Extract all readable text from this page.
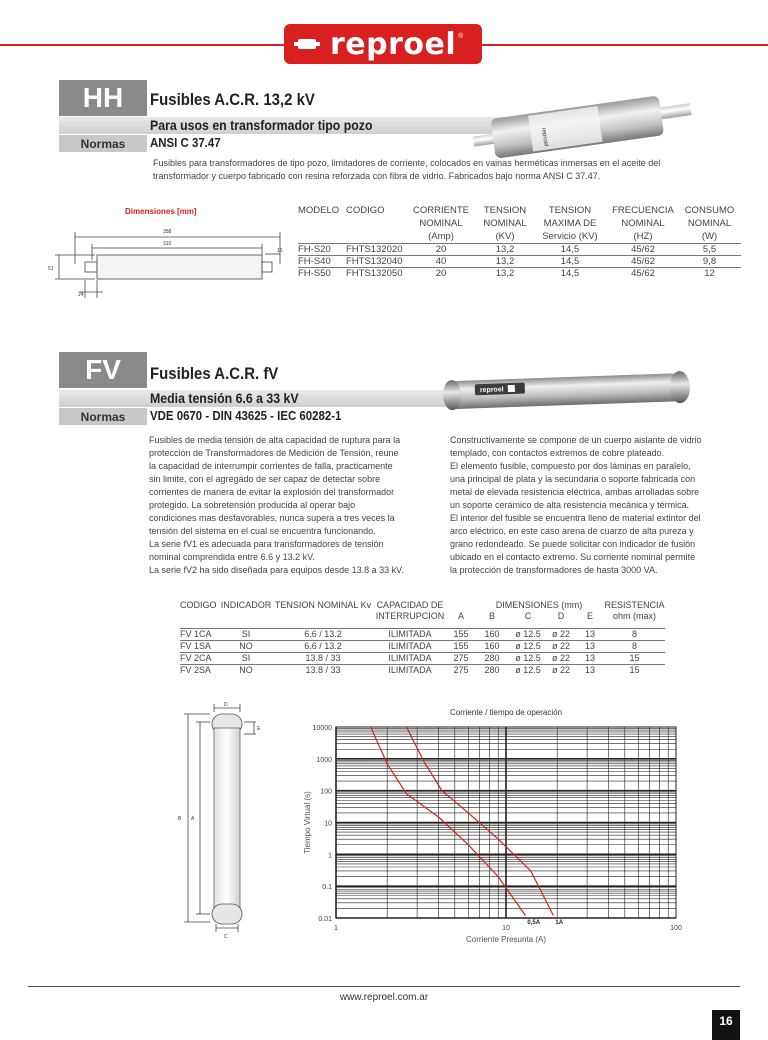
reproel ®
HH	Fusibles A.C.R. 13,2 kV
Para usos en transformador tipo pozo
Normas	ANSI C 37.47	reproel
Fusibles para transformadores de tipo pozo, limitadores de corriente, colocados en vainas herméticas inmersas en el aceite del transformador y cuerpo fabricado con resina reforzada con fibra de vidrio. Fabricados bajo norma ANSI C 37.47.
Dimensiones [mm]
358
310
15
51
24
MODELO	CODIGO	CORRIENTE	TENSION	TENSION	FRECUENCIA	CONSUMO
		NOMINAL	NOMINAL	MAXIMA DE	NOMINAL	NOMINAL
		(Amp)	(KV)	Servicio (KV)	(HZ)	(W)
FH-S20	FHTS132020	20	13,2	14,5	45/62	5,5
FH-S40	FHTS132040	40	13,2	14,5	45/62	9,8
FH-S50	FHTS132050	20	13,2	14,5	45/62	12
FV	Fusibles A.C.R. fV
Media tensión 6.6 a 33 kV
Normas	VDE 0670 - DIN 43625 - IEC 60282-1
reproel
Fusibles de media tensión de alta capacidad de ruptura para la
protección de Transformadores de Medición de Tensión, reune
la capacidad de interrumpir corrientes de falla, practicamente
sin limite, con el agregado de ser capaz de detectar sobre
corrientes de manera de evitar la explosión del transformador
protegido. La sobretensión producida al operar bajo
condiciones mas desfavorables, nunca supera a tres veces la
tensión del sistema en el cual se encuentra funcionando.
La serie fV1 es adecuada para transformadores de tensión
nominal comprendida entre 6.6 y 13.2 kV.
La serie fV2 ha sido diseñada para equipos desde 13.8 a 33 kV.
Constructivamente se compone de un cuerpo aislante de vidrio
templado, con contactos extremos de cobre plateado.
El elemento fusible, compuesto por dos láminas en paralelo,
una principal de plata y la secundaria o soporte fabricada con
metal de elevada resistencia eléctrica, ambas arrolladas sobre
un soporte cerámico de alta resistencia mecánica y térmica.
El interior del fusible se encuentra lleno de material extintor del
arco eléctrico, en este caso arena de cuarzo de alta pureza y
grano redondeado. Se puede solicitar con indicador de fusión
ubicado en el contacto extremo. Su corriente nominal permite
la protección de transformadores de hasta 3000 VA.
CODIGO	INDICADOR	TENSION NOMINAL Kv	CAPACIDAD DE		DIMENSIONES (mm)				RESISTENCIA
			INTERRUPCION	A	B	C	D	E	ohm (max)

FV 1CA	SI	6.6 / 13.2	ILIMITADA	155	160	ø 12.5	ø 22	13	8
FV 1SA	NO	6.6 / 13.2	ILIMITADA	155	160	ø 12.5	ø 22	13	8
FV 2CA	SI	13.8 / 33	ILIMITADA	275	280	ø 12.5	ø 22	13	15
FV 2SA	NO	13.8 / 33	ILIMITADA	275	280	ø 12.5	ø 22	13	15
D
E
B A
C
10000
1000
100
10
1
0.1
0.01
1	10	100
0,5A	1A
Corriente / tiempo de operación
Corriente Presunta (A)
Tiempo Virtual (s)
www.reproel.com.ar
16
